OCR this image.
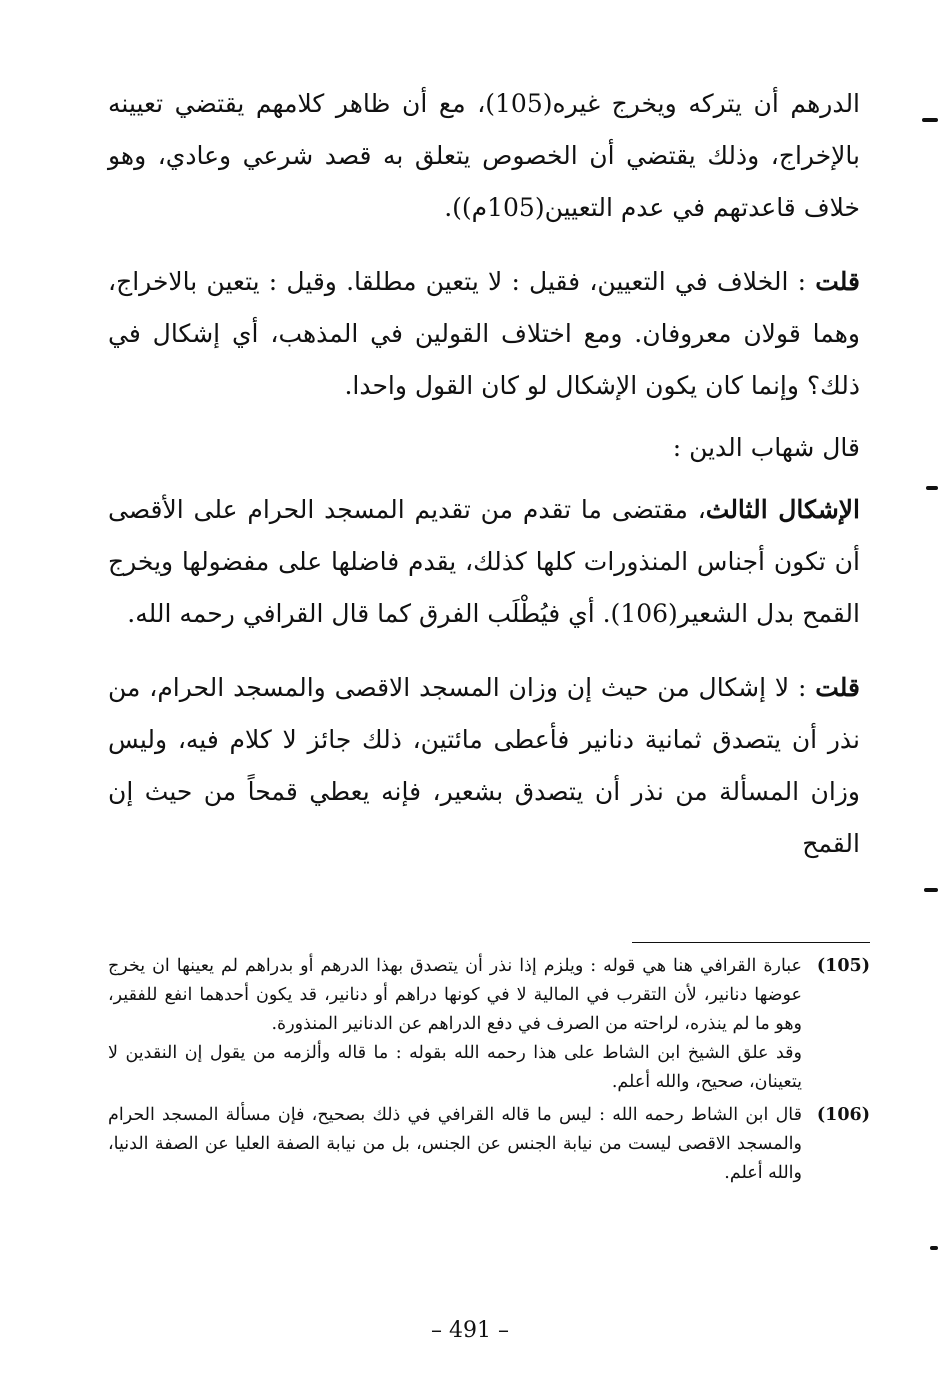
الدرهم أن يتركه ويخرج غيره(105)، مع أن ظاهر كلامهم يقتضي تعيينه بالإخراج، وذلك يقتضي أن الخصوص يتعلق به قصد شرعي وعادي، وهو خلاف قاعدتهم في عدم التعيين(105م)).

قلت : الخلاف في التعيين، فقيل : لا يتعين مطلقا. وقيل : يتعين بالاخراج، وهما قولان معروفان. ومع اختلاف القولين في المذهب، أي إشكال في ذلك؟ وإنما كان يكون الإشكال لو كان القول واحدا.

قال شهاب الدين :

الإشكال الثالث، مقتضى ما تقدم من تقديم المسجد الحرام على الأقصى أن تكون أجناس المنذورات كلها كذلك، يقدم فاضلها على مفضولها ويخرج القمح بدل الشعير(106). أي فيُطْلَب الفرق كما قال القرافي رحمه الله.

قلت : لا إشكال من حيث إن وزان المسجد الاقصى والمسجد الحرام، من نذر أن يتصدق ثمانية دنانير فأعطى مائتين، ذلك جائز لا كلام فيه، وليس وزان المسألة من نذر أن يتصدق بشعير، فإنه يعطي قمحاً من حيث إن القمح

(105)
عبارة القرافي هنا هي قوله : ويلزم إذا نذر أن يتصدق بهذا الدرهم أو بدراهم لم يعينها ان يخرج عوضها دنانير، لأن التقرب في المالية لا في كونها دراهم أو دنانير، قد يكون أحدهما انفع للفقير، وهو ما لم ينذره، لراحته من الصرف في دفع الدراهم عن الدنانير المنذورة.
وقد علق الشيخ ابن الشاط على هذا رحمه الله بقوله : ما قاله وألزمه من يقول إن النقدين لا يتعينان، صحيح، والله أعلم.
(106)
قال ابن الشاط رحمه الله : ليس ما قاله القرافي في ذلك بصحيح، فإن مسألة المسجد الحرام والمسجد الاقصى ليست من نيابة الجنس عن الجنس، بل من نيابة الصفة العليا عن الصفة الدنيا، والله أعلم.
– 491 –
